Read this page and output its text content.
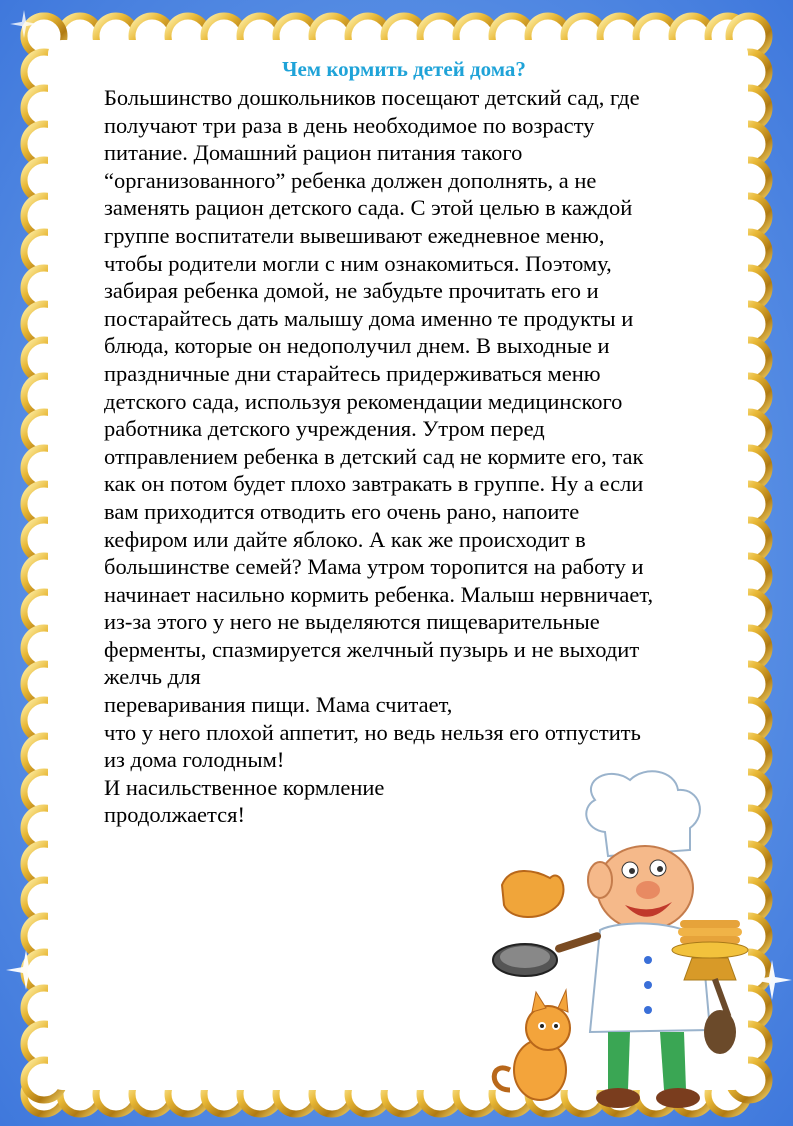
Чем кормить детей дома?
Большинство дошкольников посещают детский сад, где
получают три раза в день необходимое по возрасту
питание. Домашний рацион питания такого
“организованного” ребенка должен дополнять, а не
заменять рацион детского сада. С этой целью в каждой
группе воспитатели вывешивают ежедневное меню,
чтобы родители могли с ним ознакомиться. Поэтому,
забирая ребенка домой, не забудьте прочитать его и
постарайтесь дать малышу дома именно те продукты и
блюда, которые он недополучил днем. В выходные и
праздничные дни старайтесь придерживаться меню
детского сада, используя рекомендации медицинского
работника детского учреждения. Утром перед
отправлением ребенка в детский сад не кормите его, так
как он потом будет плохо завтракать в группе. Ну а если
вам приходится отводить его очень рано, напоите
кефиром или дайте яблоко. А как же происходит в
большинстве семей? Мама утром торопится на работу и
начинает насильно кормить ребенка. Малыш нервничает,
из-за этого у него не выделяются пищеварительные
ферменты, спазмируется желчный пузырь и не выходит
желчь для
переваривания пищи. Мама считает,
что у него плохой аппетит, но ведь нельзя его отпустить
из дома голодным!
И насильственное кормление
продолжается!
